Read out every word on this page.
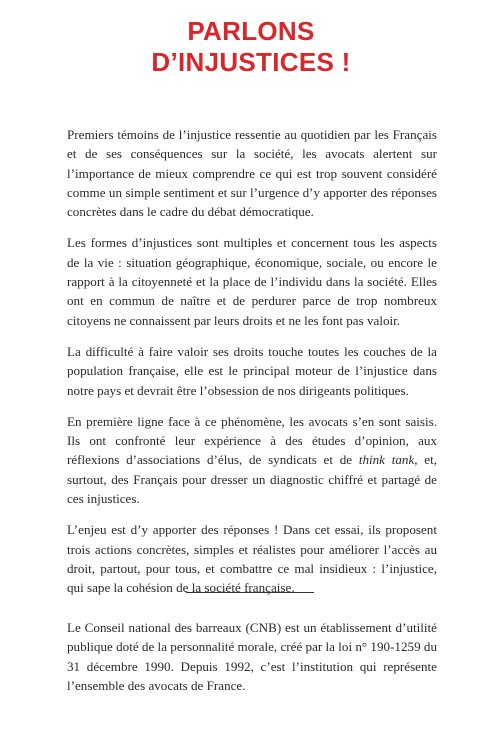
PARLONS
D’INJUSTICES !

Premiers témoins de l’injustice ressentie au quotidien par les Français et de ses conséquences sur la société, les avocats alertent sur l’importance de mieux comprendre ce qui est trop souvent considéré comme un simple sentiment et sur l’urgence d’y apporter des réponses concrètes dans le cadre du débat démocratique.

Les formes d’injustices sont multiples et concernent tous les aspects de la vie : situation géographique, économique, sociale, ou encore le rapport à la citoyenneté et la place de l’individu dans la société. Elles ont en commun de naître et de perdurer parce de trop nombreux citoyens ne connaissent par leurs droits et ne les font pas valoir.

La difficulté à faire valoir ses droits touche toutes les couches de la population française, elle est le principal moteur de l’injustice dans notre pays et devrait être l’obsession de nos dirigeants politiques.

En première ligne face à ce phénomène, les avocats s’en sont saisis. Ils ont confronté leur expérience à des études d’opinion, aux réflexions d’associations d’élus, de syndicats et de think tank, et, surtout, des Français pour dresser un diagnostic chiffré et partagé de ces injustices.

L’enjeu est d’y apporter des réponses ! Dans cet essai, ils proposent trois actions concrètes, simples et réalistes pour améliorer l’accès au droit, partout, pour tous, et combattre ce mal insidieux : l’injustice, qui sape la cohésion de la société française.

Le Conseil national des barreaux (CNB) est un établissement d’utilité publique doté de la personnalité morale, créé par la loi n° 190-1259 du 31 décembre 1990. Depuis 1992, c’est l’institution qui représente l’ensemble des avocats de France.
